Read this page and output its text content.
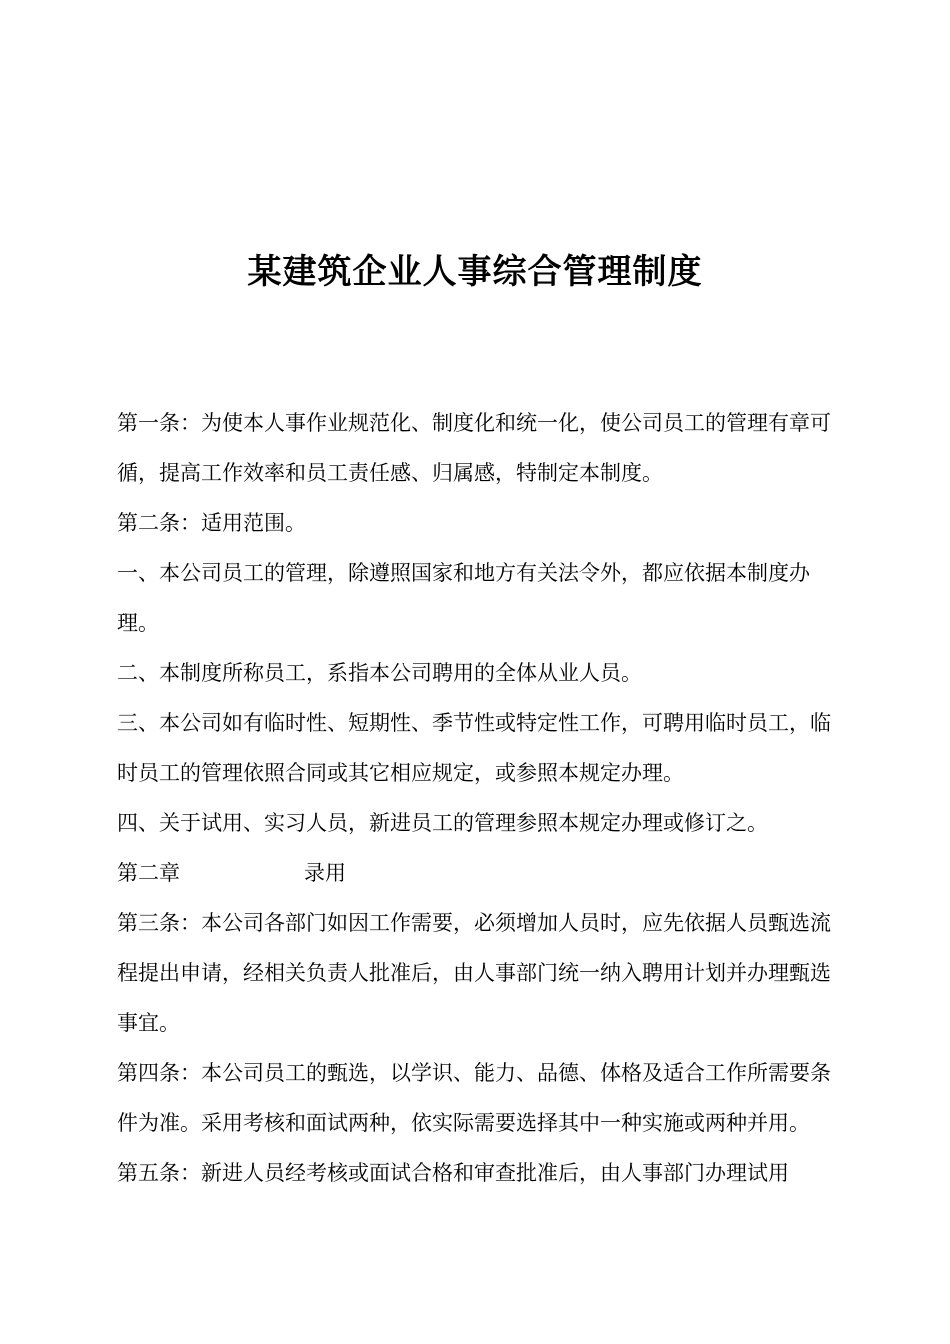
某建筑企业人事综合管理制度

第一条：为使本人事作业规范化、制度化和统一化，使公司员工的管理有章可循，提高工作效率和员工责任感、归属感，特制定本制度。

第二条：适用范围。

一、本公司员工的管理，除遵照国家和地方有关法令外，都应依据本制度办理。

二、本制度所称员工，系指本公司聘用的全体从业人员。

三、本公司如有临时性、短期性、季节性或特定性工作，可聘用临时员工，临时员工的管理依照合同或其它相应规定，或参照本规定办理。

四、关于试用、实习人员，新进员工的管理参照本规定办理或修订之。

第二章	录用

第三条：本公司各部门如因工作需要，必须增加人员时，应先依据人员甄选流程提出申请，经相关负责人批准后，由人事部门统一纳入聘用计划并办理甄选事宜。

第四条：本公司员工的甄选，以学识、能力、品德、体格及适合工作所需要条件为准。采用考核和面试两种，依实际需要选择其中一种实施或两种并用。

第五条：新进人员经考核或面试合格和审查批准后，由人事部门办理试用
